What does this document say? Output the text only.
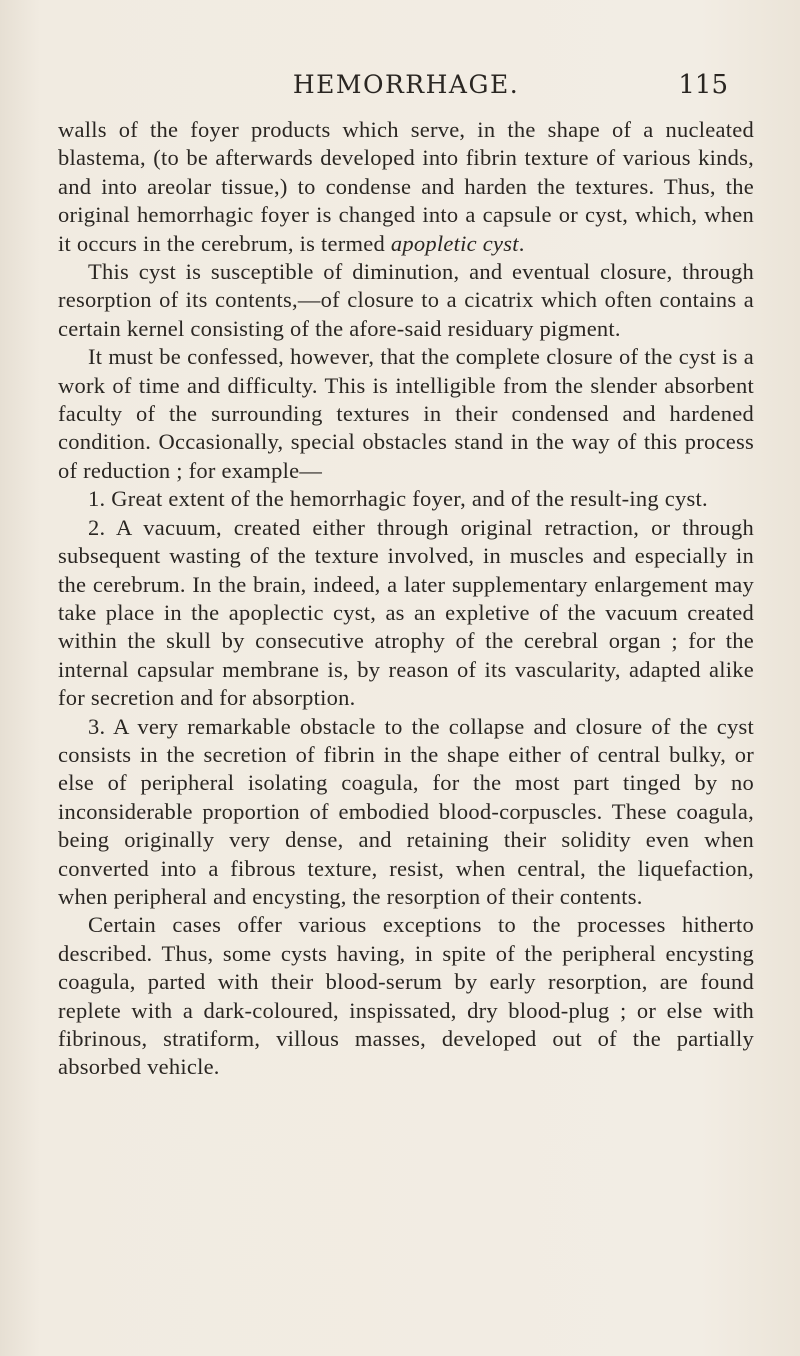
HEMORRHAGE.	115

walls of the foyer products which serve, in the shape of a nucleated blastema, (to be afterwards developed into fibrin texture of various kinds, and into areolar tissue,) to condense and harden the textures. Thus, the original hemorrhagic foyer is changed into a capsule or cyst, which, when it occurs in the cerebrum, is termed apopletic cyst.

This cyst is susceptible of diminution, and eventual closure, through resorption of its contents,—of closure to a cicatrix which often contains a certain kernel consisting of the afore-said residuary pigment.

It must be confessed, however, that the complete closure of the cyst is a work of time and difficulty. This is intelligible from the slender absorbent faculty of the surrounding textures in their condensed and hardened condition. Occasionally, special obstacles stand in the way of this process of reduction ; for example—

1. Great extent of the hemorrhagic foyer, and of the result-ing cyst.

2. A vacuum, created either through original retraction, or through subsequent wasting of the texture involved, in muscles and especially in the cerebrum. In the brain, indeed, a later supplementary enlargement may take place in the apoplectic cyst, as an expletive of the vacuum created within the skull by consecutive atrophy of the cerebral organ ; for the internal capsular membrane is, by reason of its vascularity, adapted alike for secretion and for absorption.

3. A very remarkable obstacle to the collapse and closure of the cyst consists in the secretion of fibrin in the shape either of central bulky, or else of peripheral isolating coagula, for the most part tinged by no inconsiderable proportion of embodied blood-corpuscles. These coagula, being originally very dense, and retaining their solidity even when converted into a fibrous texture, resist, when central, the liquefaction, when peripheral and encysting, the resorption of their contents.

Certain cases offer various exceptions to the processes hitherto described. Thus, some cysts having, in spite of the peripheral encysting coagula, parted with their blood-serum by early resorption, are found replete with a dark-coloured, inspissated, dry blood-plug ; or else with fibrinous, stratiform, villous masses, developed out of the partially absorbed vehicle.
